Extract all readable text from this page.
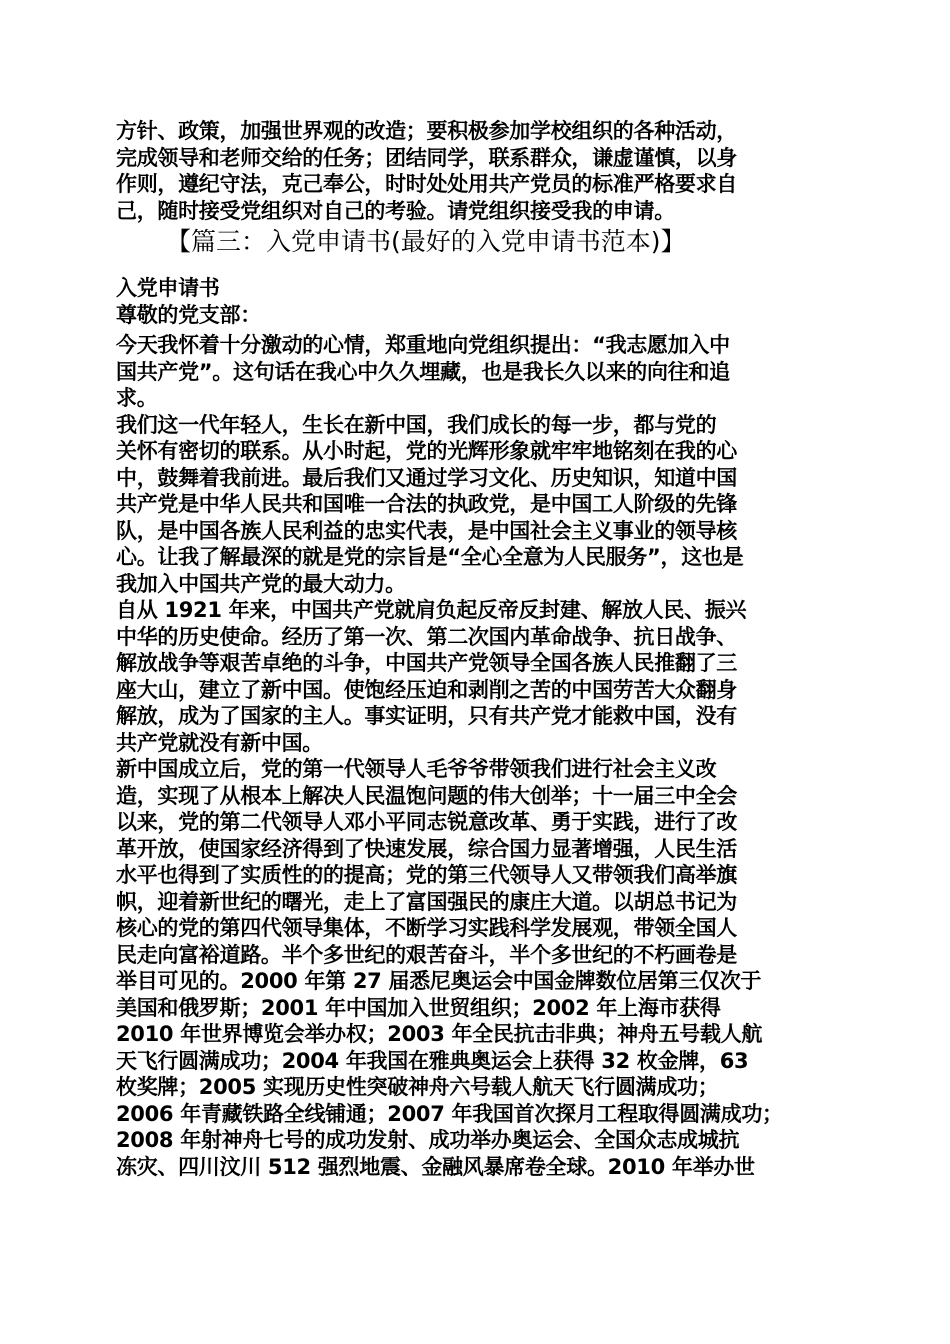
方针、政策，加强世界观的改造；要积极参加学校组织的各种活动，
完成领导和老师交给的任务；团结同学，联系群众，谦虚谨慎，以身
作则，遵纪守法，克己奉公，时时处处用共产党员的标准严格要求自
己，随时接受党组织对自己的考验。请党组织接受我的申请。
【篇三：入党申请书(最好的入党申请书范本)】
入党申请书
尊敬的党支部：
今天我怀着十分激动的心情，郑重地向党组织提出：“我志愿加入中
国共产党”。这句话在我心中久久埋藏，也是我长久以来的向往和追
求。
我们这一代年轻人，生长在新中国，我们成长的每一步，都与党的
关怀有密切的联系。从小时起，党的光辉形象就牢牢地铭刻在我的心
中，鼓舞着我前进。最后我们又通过学习文化、历史知识，知道中国
共产党是中华人民共和国唯一合法的执政党，是中国工人阶级的先锋
队，是中国各族人民利益的忠实代表，是中国社会主义事业的领导核
心。让我了解最深的就是党的宗旨是“全心全意为人民服务”，这也是
我加入中国共产党的最大动力。
自从 1921 年来，中国共产党就肩负起反帝反封建、解放人民、振兴
中华的历史使命。经历了第一次、第二次国内革命战争、抗日战争、
解放战争等艰苦卓绝的斗争，中国共产党领导全国各族人民推翻了三
座大山，建立了新中国。使饱经压迫和剥削之苦的中国劳苦大众翻身
解放，成为了国家的主人。事实证明，只有共产党才能救中国，没有
共产党就没有新中国。
新中国成立后，党的第一代领导人毛爷爷带领我们进行社会主义改
造，实现了从根本上解决人民温饱问题的伟大创举；十一届三中全会
以来，党的第二代领导人邓小平同志锐意改革、勇于实践，进行了改
革开放，使国家经济得到了快速发展，综合国力显著增强，人民生活
水平也得到了实质性的的提高；党的第三代领导人又带领我们高举旗
帜，迎着新世纪的曙光，走上了富国强民的康庄大道。以胡总书记为
核心的党的第四代领导集体，不断学习实践科学发展观，带领全国人
民走向富裕道路。半个多世纪的艰苦奋斗，半个多世纪的不朽画卷是
举目可见的。2000 年第 27 届悉尼奥运会中国金牌数位居第三仅次于
美国和俄罗斯；2001 年中国加入世贸组织；2002 年上海市获得
2010 年世界博览会举办权；2003 年全民抗击非典；神舟五号载人航
天飞行圆满成功；2004 年我国在雅典奥运会上获得 32 枚金牌，63
枚奖牌；2005 实现历史性突破神舟六号载人航天飞行圆满成功；
2006 年青藏铁路全线铺通；2007 年我国首次探月工程取得圆满成功；
2008 年射神舟七号的成功发射、成功举办奥运会、全国众志成城抗
冻灾、四川汶川 512 强烈地震、金融风暴席卷全球。2010 年举办世
